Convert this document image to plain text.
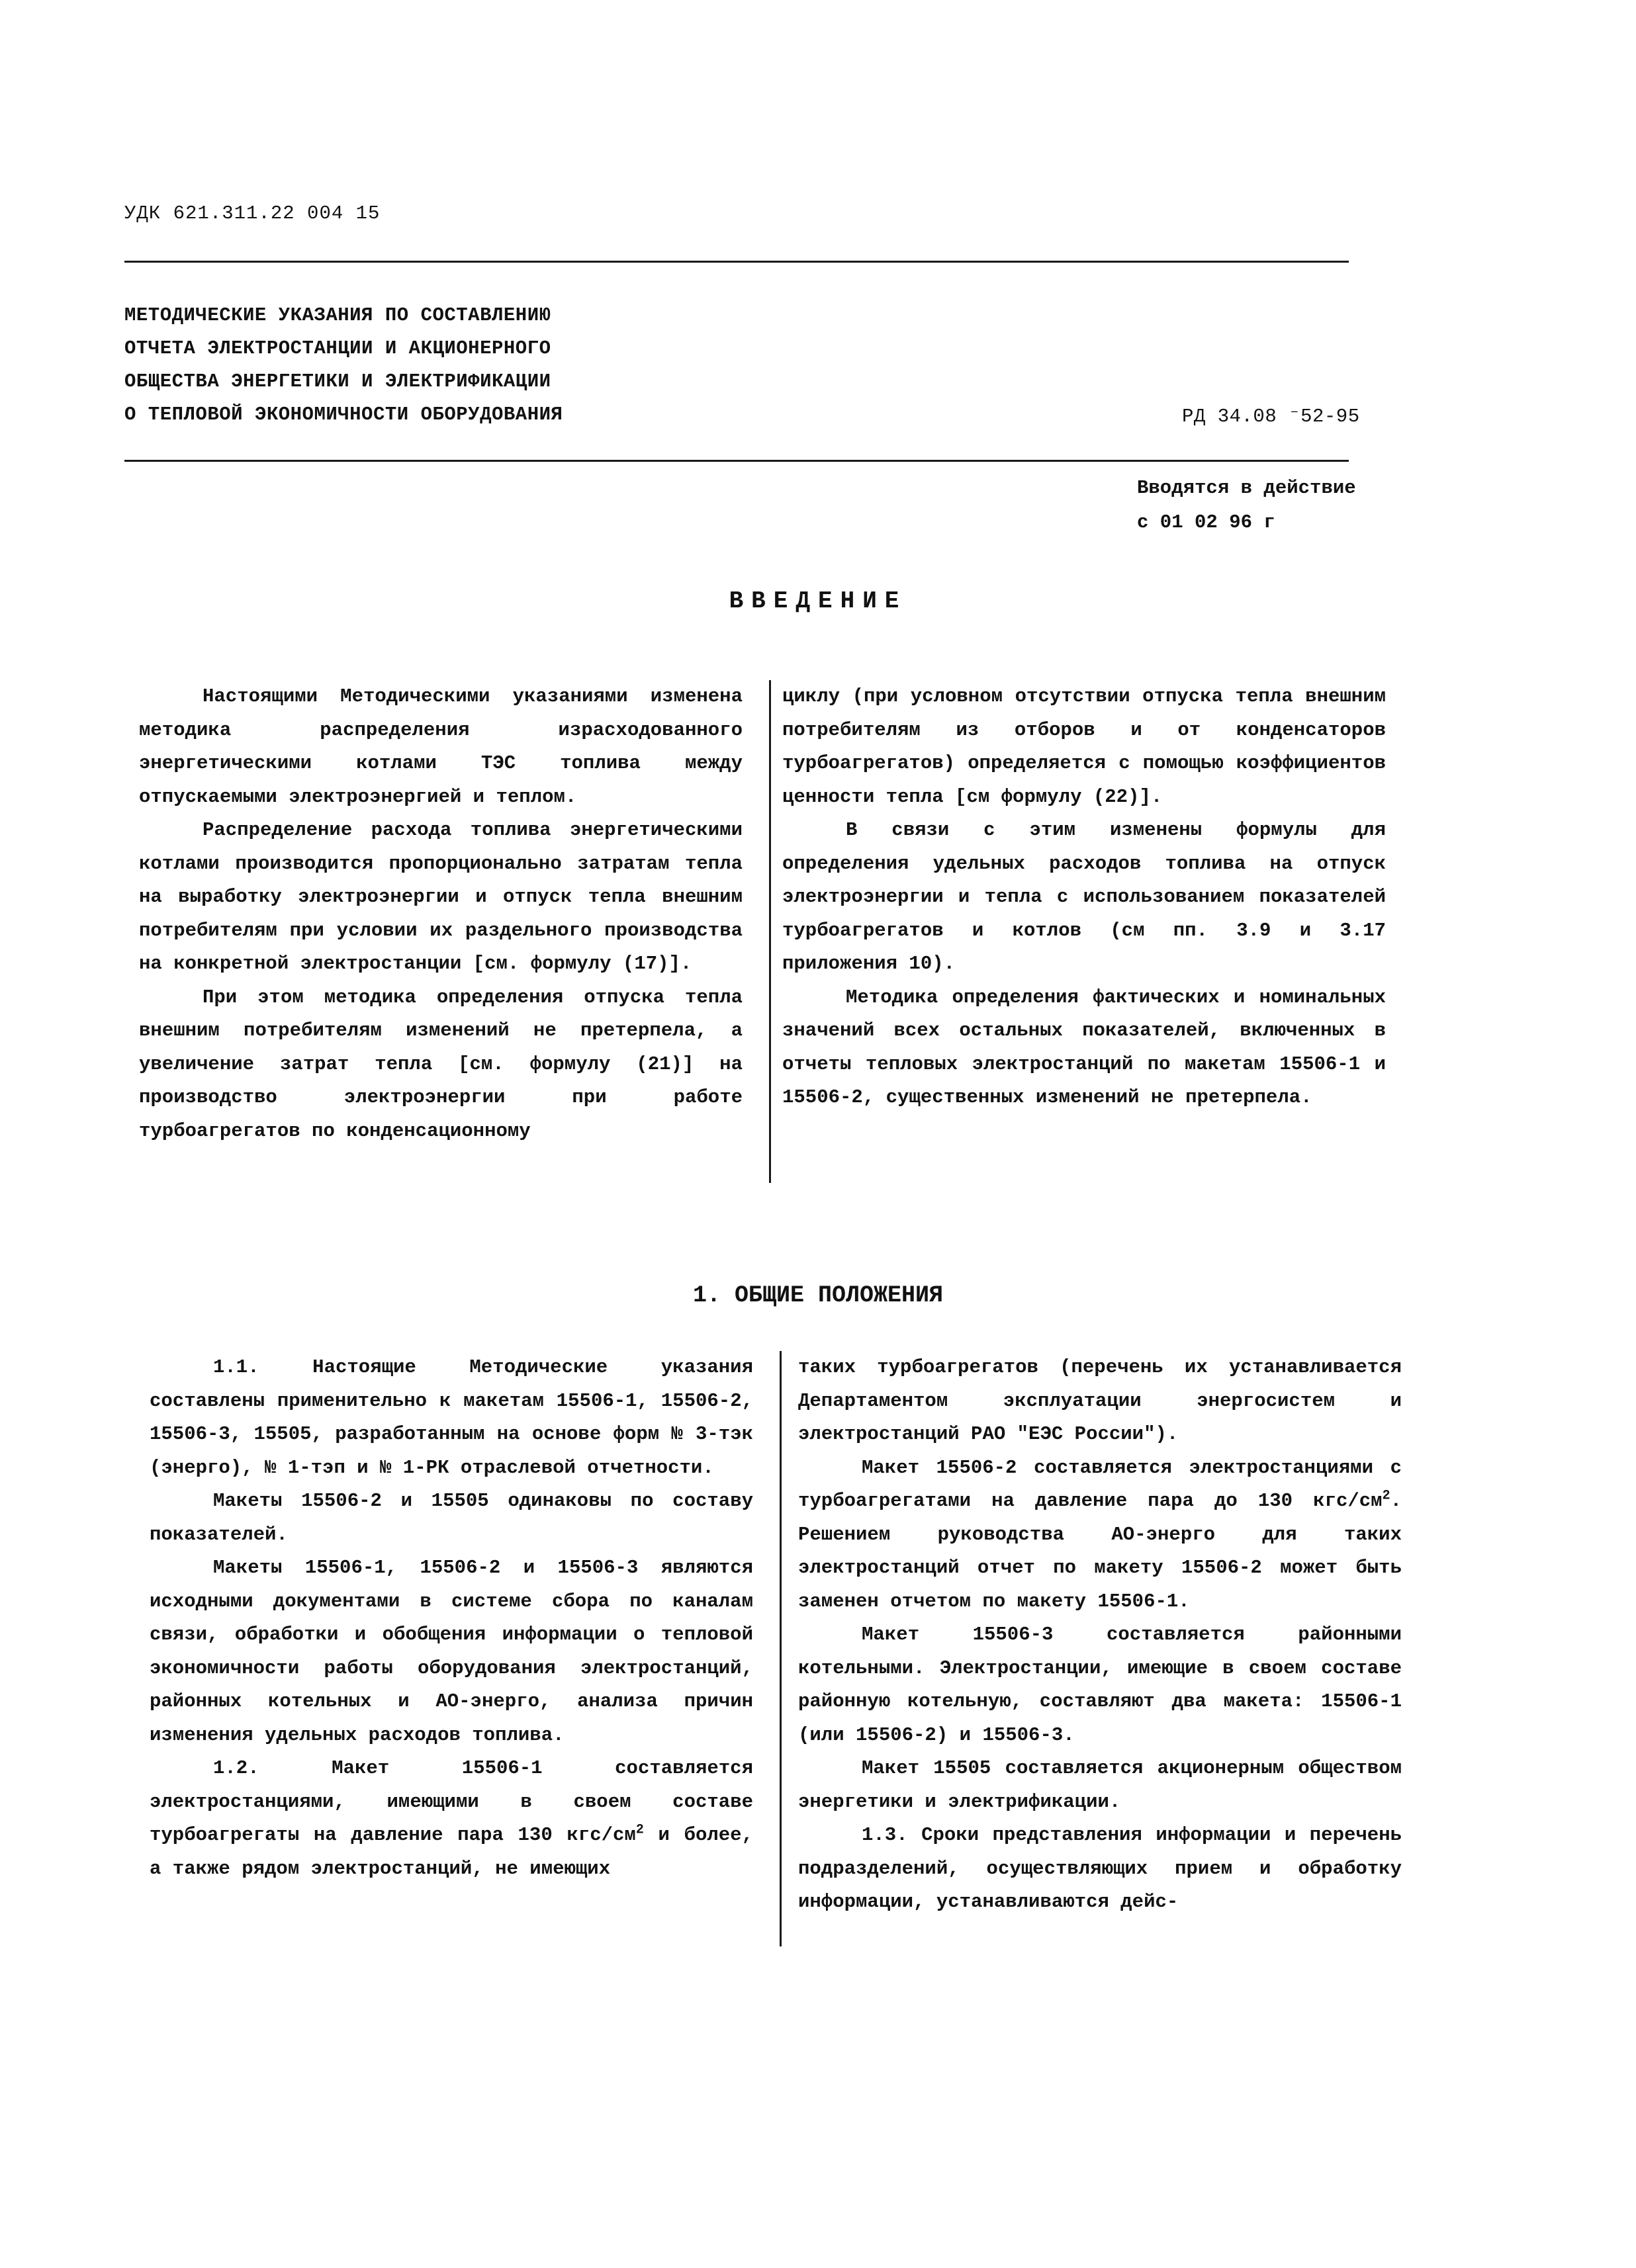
УДК 621.311.22 004 15
МЕТОДИЧЕСКИЕ УКАЗАНИЯ ПО СОСТАВЛЕНИЮ
ОТЧЕТА ЭЛЕКТРОСТАНЦИИ И АКЦИОНЕРНОГО
ОБЩЕСТВА ЭНЕРГЕТИКИ И ЭЛЕКТРИФИКАЦИИ
О ТЕПЛОВОЙ ЭКОНОМИЧНОСТИ ОБОРУДОВАНИЯ	РД 34.08 ⁻52-95
Вводятся в действие
с 01 02 96 г
ВВЕДЕНИЕ

Настоящими Методическими указаниями изменена методика распределения израсходованного энергетическими котлами ТЭС топлива между отпускаемыми электроэнергией и теплом.

Распределение расхода топлива энергетическими котлами производится пропорционально затратам тепла на выработку электроэнергии и отпуск тепла внешним потребителям при условии их раздельного производства на конкретной электростанции [см. формулу (17)].

При этом методика определения отпуска тепла внешним потребителям изменений не претерпела, а увеличение затрат тепла [см. формулу (21)] на производство электроэнергии при работе турбоагрегатов по конденсационному

циклу (при условном отсутствии отпуска тепла внешним потребителям из отборов и от конденсаторов турбоагрегатов) определяется с помощью коэффициентов ценности тепла [см формулу (22)].

В связи с этим изменены формулы для определения удельных расходов топлива на отпуск электроэнергии и тепла с использованием показателей турбоагрегатов и котлов (см пп. 3.9 и 3.17 приложения 10).

Методика определения фактических и номинальных значений всех остальных показателей, включенных в отчеты тепловых электростанций по макетам 15506-1 и 15506-2, существенных изменений не претерпела.

1. ОБЩИЕ ПОЛОЖЕНИЯ

1.1. Настоящие Методические указания составлены применительно к макетам 15506-1, 15506-2, 15506-3, 15505, разработанным на основе форм № 3-тэк (энерго), № 1-тэп и № 1-РК отраслевой отчетности.

Макеты 15506-2 и 15505 одинаковы по составу показателей.

Макеты 15506-1, 15506-2 и 15506-3 являются исходными документами в системе сбора по каналам связи, обработки и обобщения информации о тепловой экономичности работы оборудования электростанций, районных котельных и АО-энерго, анализа причин изменения удельных расходов топлива.

1.2. Макет 15506-1 составляется электростанциями, имеющими в своем составе турбоагрегаты на давление пара 130 кгс/$см^2$ и более, а также рядом электростанций, не имеющих

таких турбоагрегатов (перечень их устанавливается Департаментом эксплуатации энергосистем и электростанций РАО "ЕЭС России").

Макет 15506-2 составляется электростанциями с турбоагрегатами на давление пара до 130 кгс/$см^2$. Решением руководства АО-энерго для таких электростанций отчет по макету 15506-2 может быть заменен отчетом по макету 15506-1.

Макет 15506-3 составляется районными котельными. Электростанции, имеющие в своем составе районную котельную, составляют два макета: 15506-1 (или 15506-2) и 15506-3.

Макет 15505 составляется акционерным обществом энергетики и электрификации.

1.3. Сроки представления информации и перечень подразделений, осуществляющих прием и обработку информации, устанавливаются дейс-
